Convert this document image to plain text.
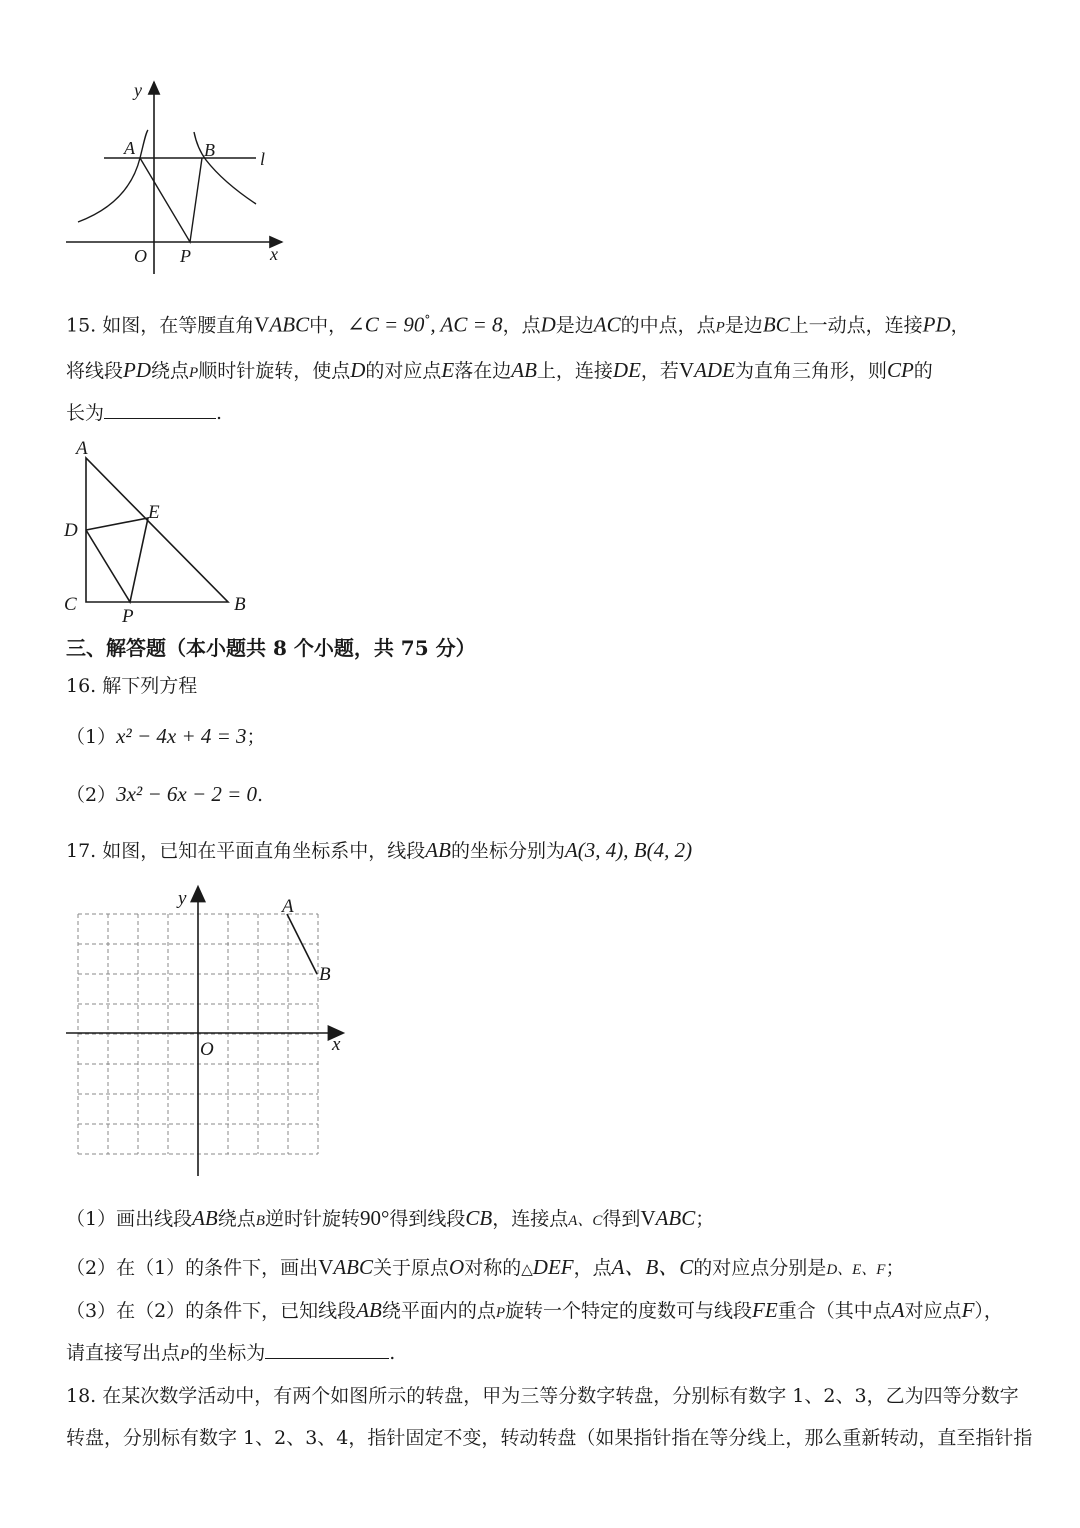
y
A	B	l
O P	x
15. 如图，在等腰直角VABC中，∠C = 90°, AC = 8，点D是边AC的中点，点P是边BC上一动点，连接PD，
将线段PD绕点P顺时针旋转，使点D的对应点E落在边AB上，连接DE，若VADE为直角三角形，则CP的
长为	.
A
D
E
C
P
B
三、解答题（本小题共 8 个小题，共 75 分）
16. 解下列方程
（1）x² − 4x + 4 = 3；
（2）3x² − 6x − 2 = 0.
17. 如图，已知在平面直角坐标系中，线段AB的坐标分别为A(3, 4), B(4, 2)
y
x
O
A
B
（1）画出线段AB绕点B逆时针旋转90°得到线段CB，连接点A、C得到VABC；
（2）在（1）的条件下，画出VABC关于原点O对称的△DEF，点A、B、C的对应点分别是D、E、F；
（3）在（2）的条件下，已知线段AB绕平面内的点P旋转一个特定的度数可与线段FE重合（其中点A对应点F），
请直接写出点P的坐标为	.
18. 在某次数学活动中，有两个如图所示的转盘，甲为三等分数字转盘，分别标有数字 1、2、3，乙为四等分数字
转盘，分别标有数字 1、2、3、4，指针固定不变，转动转盘（如果指针指在等分线上，那么重新转动，直至指针指
